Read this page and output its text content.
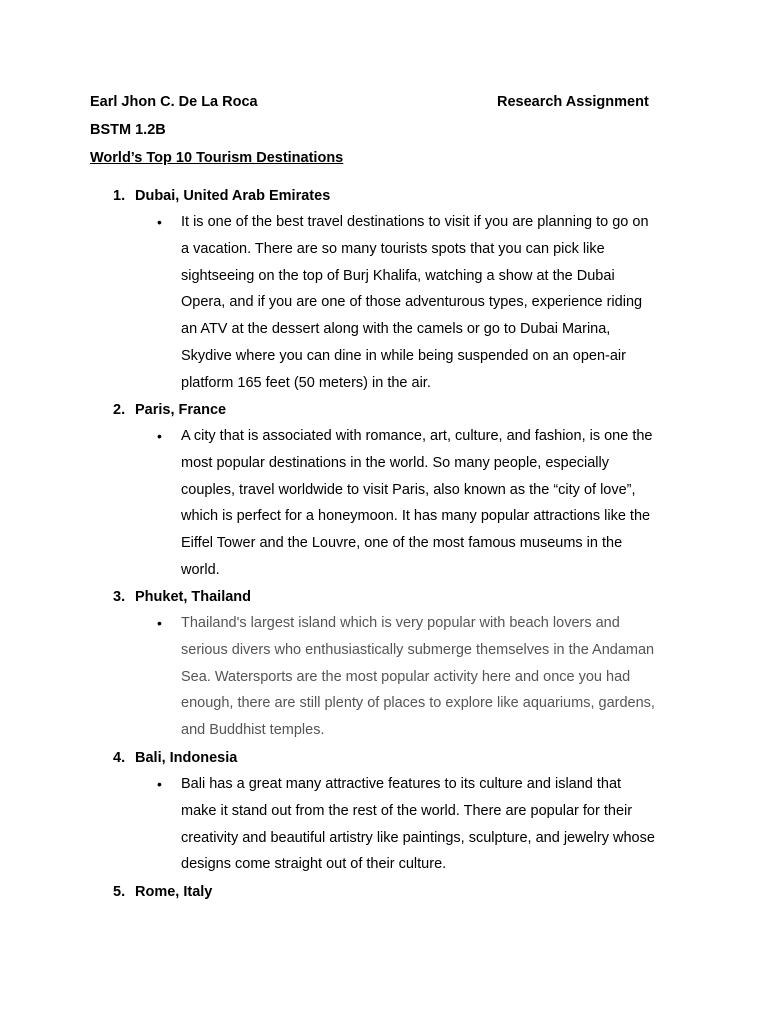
Earl Jhon C. De La Roca	Research Assignment
BSTM 1.2B
World’s Top 10 Tourism Destinations
1. Dubai, United Arab Emirates
• It is one of the best travel destinations to visit if you are planning to go on
a vacation. There are so many tourists spots that you can pick like
sightseeing on the top of Burj Khalifa, watching a show at the Dubai
Opera, and if you are one of those adventurous types, experience riding
an ATV at the dessert along with the camels or go to Dubai Marina,
Skydive where you can dine in while being suspended on an open-air
platform 165 feet (50 meters) in the air.
2. Paris, France
• A city that is associated with romance, art, culture, and fashion, is one the
most popular destinations in the world. So many people, especially
couples, travel worldwide to visit Paris, also known as the “city of love”,
which is perfect for a honeymoon. It has many popular attractions like the
Eiffel Tower and the Louvre, one of the most famous museums in the
world.
3. Phuket, Thailand
• Thailand's largest island which is very popular with beach lovers and
serious divers who enthusiastically submerge themselves in the Andaman
Sea. Watersports are the most popular activity here and once you had
enough, there are still plenty of places to explore like aquariums, gardens,
and Buddhist temples.
4. Bali, Indonesia
• Bali has a great many attractive features to its culture and island that
make it stand out from the rest of the world. There are popular for their
creativity and beautiful artistry like paintings, sculpture, and jewelry whose
designs come straight out of their culture.
5. Rome, Italy
